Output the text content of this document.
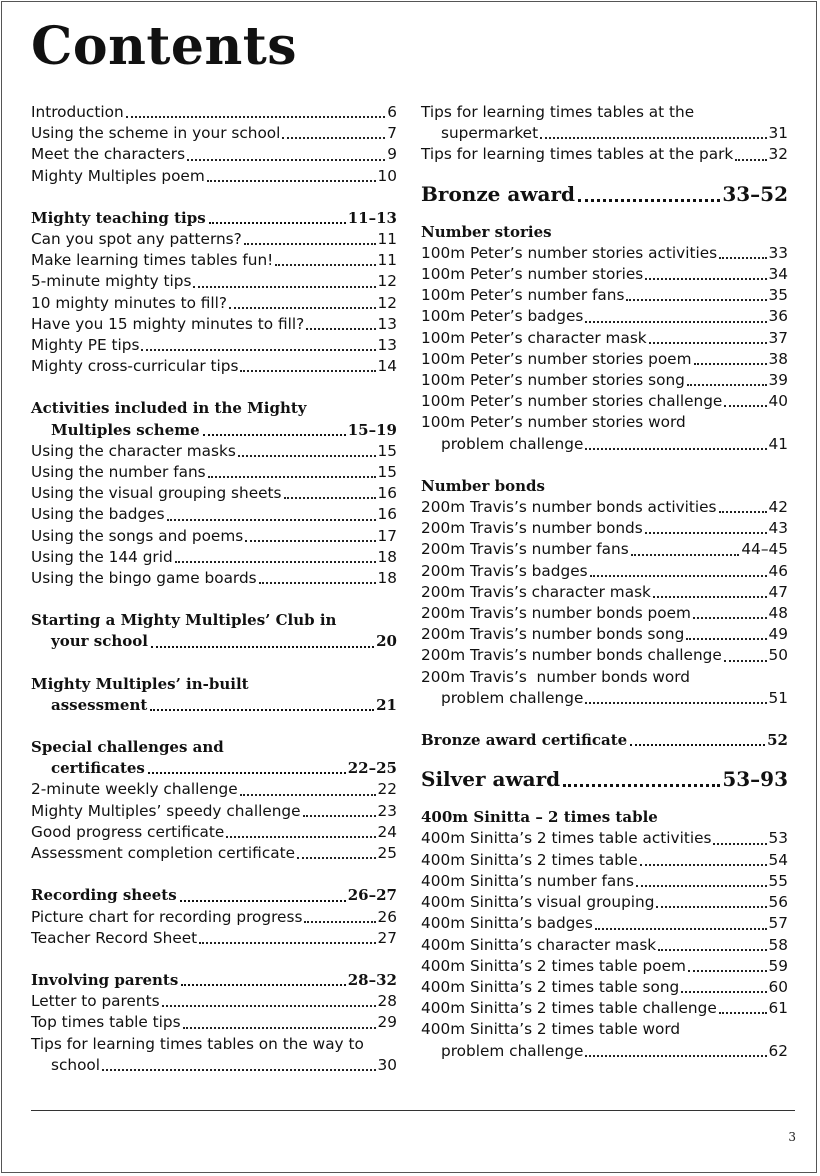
Contents
Introduction	6
Using the scheme in your school	7
Meet the characters	9
Mighty Multiples poem	10
Mighty teaching tips	11–13
Can you spot any patterns?	11
Make learning times tables fun!	11
5-minute mighty tips	12
10 mighty minutes to fill?	12
Have you 15 mighty minutes to fill?	13
Mighty PE tips	13
Mighty cross-curricular tips	14
Activities included in the Mighty
Multiples scheme	15–19
Using the character masks	15
Using the number fans	15
Using the visual grouping sheets	16
Using the badges	16
Using the songs and poems	17
Using the 144 grid	18
Using the bingo game boards	18
Starting a Mighty Multiples’ Club in
your school	20
Mighty Multiples’ in-built
assessment	21
Special challenges and
certificates	22–25
2-minute weekly challenge	22
Mighty Multiples’ speedy challenge	23
Good progress certificate	24
Assessment completion certificate	25
Recording sheets	26–27
Picture chart for recording progress	26
Teacher Record Sheet	27
Involving parents	28–32
Letter to parents	28
Top times table tips	29
Tips for learning times tables on the way to
school	30
Tips for learning times tables at the
supermarket	31
Tips for learning times tables at the park 32
Bronze award	33–52
Number stories
100m Peter’s number stories activities	33
100m Peter’s number stories	34
100m Peter’s number fans	35
100m Peter’s badges	36
100m Peter’s character mask	37
100m Peter’s number stories poem	38
100m Peter’s number stories song	39
100m Peter’s number stories challenge	40
100m Peter’s number stories word
problem challenge	41
Number bonds
200m Travis’s number bonds activities	42
200m Travis’s number bonds	43
200m Travis’s number fans	44–45
200m Travis’s badges	46
200m Travis’s character mask	47
200m Travis’s number bonds poem	48
200m Travis’s number bonds song	49
200m Travis’s number bonds challenge	50
200m Travis’s  number bonds word
problem challenge	51
Bronze award certificate	52
Silver award	53–93
400m Sinitta – 2 times table
400m Sinitta’s 2 times table activities	53
400m Sinitta’s 2 times table	54
400m Sinitta’s number fans	55
400m Sinitta’s visual grouping	56
400m Sinitta’s badges	57
400m Sinitta’s character mask	58
400m Sinitta’s 2 times table poem	59
400m Sinitta’s 2 times table song	60
400m Sinitta’s 2 times table challenge	61
400m Sinitta’s 2 times table word
problem challenge	62
3
